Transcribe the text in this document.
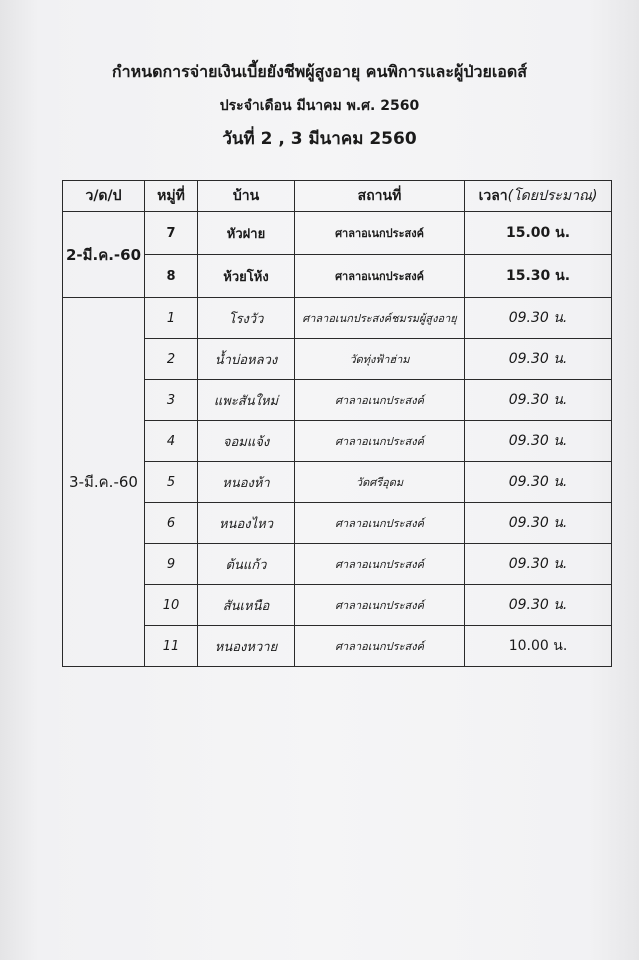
กำหนดการจ่ายเงินเบี้ยยังชีพผู้สูงอายุ คนพิการและผู้ป่วยเอดส์
ประจำเดือน มีนาคม พ.ศ. 2560
วันที่ 2 , 3 มีนาคม 2560
ว/ด/ป	หมู่ที่	บ้าน	สถานที่	เวลา(โดยประมาณ)
2-มี.ค.-60	7	หัวฝาย	ศาลาอเนกประสงค์	15.00 น.
	8	ห้วยโห้ง	ศาลาอเนกประสงค์	15.30 น.
3-มี.ค.-60	1	โรงวัว	ศาลาอเนกประสงค์ชมรมผู้สูงอายุ	09.30 น.
	2	น้ำบ่อหลวง	วัดทุ่งฟ้าฮ่าม	09.30 น.
	3	แพะสันใหม่	ศาลาอเนกประสงค์	09.30 น.
	4	จอมแจ้ง	ศาลาอเนกประสงค์	09.30 น.
	5	หนองห้า	วัดศรีอุดม	09.30 น.
	6	หนองไหว	ศาลาอเนกประสงค์	09.30 น.
	9	ต้นแก้ว	ศาลาอเนกประสงค์	09.30 น.
	10	สันเหนือ	ศาลาอเนกประสงค์	09.30 น.
	11	หนองหวาย	ศาลาอเนกประสงค์	10.00 น.
